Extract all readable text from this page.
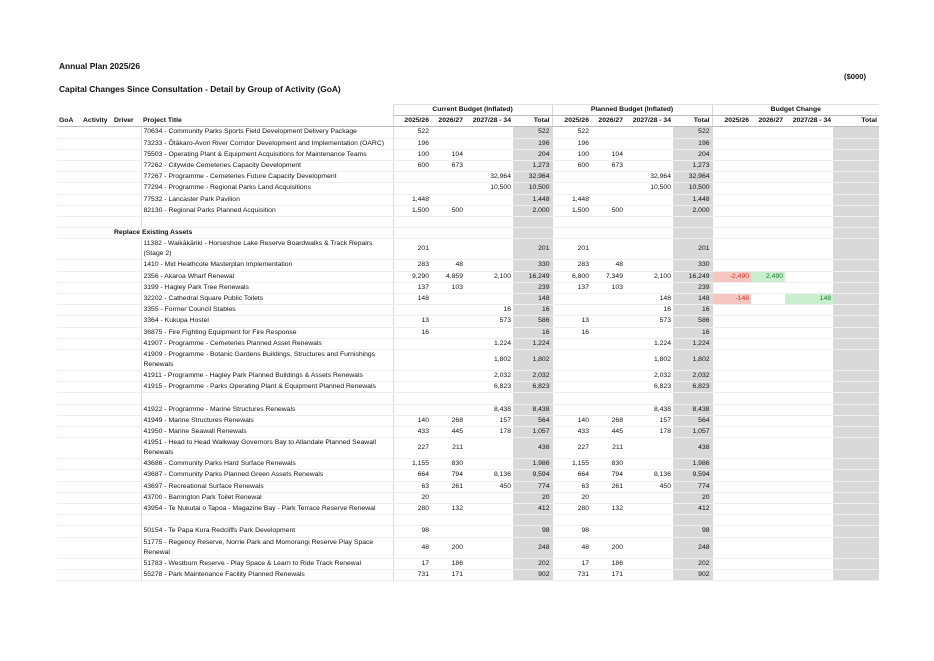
Annual Plan 2025/26
($000)
Capital Changes Since Consultation - Detail by Group of Activity (GoA)
				Current Budget (Inflated)				Planned Budget (Inflated)				Budget Change			
GoA	Activity	Driver	Project Title	2025/26	2026/27	2027/28 - 34	Total	2025/26	2026/27	2027/28 - 34	Total	2025/26	2026/27	2027/28 - 34	Total
			70634 - Community Parks Sports Field Development Delivery Package	522			522	522			522				
			73233 - Ōtākaro-Avon River Corridor Development and Implementation (OARC)	196			196	196			196				
			75503 - Operating Plant & Equipment Acquisitions for Maintenance Teams	100	104		204	100	104		204				
			77262 - Citywide Cemeteries Capacity Development	600	673		1,273	600	673		1,273				
			77267 - Programme - Cemeteries Future Capacity Development			32,964	32,964			32,964	32,964				
			77294 - Programme - Regional Parks Land Acquisitions			10,500	10,500			10,500	10,500				
			77532 - Lancaster Park Pavilion	1,448			1,448	1,448			1,448				
			82130 - Regional Parks Planned Acquisition	1,500	500		2,000	1,500	500		2,000				

		Replace Existing Assets													
			11382 - Waikākāriki - Horseshoe Lake Reserve Boardwalks & Track Repairs (Stage 2)	201			201	201			201				
			1410 - Mid Heathcote Masterplan Implementation	283	48		330	283	48		330				
			2356 - Akaroa Wharf Renewal	9,290	4,859	2,100	16,249	6,800	7,349	2,100	16,249	-2,490	2,490		
			3199 - Hagley Park Tree Renewals	137	103		239	137	103		239				
			32202 - Cathedral Square Public Toilets	148			148			148	148	-148		148	
			3355 - Former Council Stables			16	16			16	16				
			3364 - Kukupa Hostel	13		573	586	13		573	586				
			36875 - Fire Fighting Equipment for Fire Response	16			16	16			16				
			41907 - Programme - Cemeteries Planned Asset Renewals			1,224	1,224			1,224	1,224				
			41909 - Programme - Botanic Gardens Buildings, Structures and Furnishings Renewals			1,802	1,802			1,802	1,802				
			41911 - Programme - Hagley Park Planned Buildings & Assets Renewals			2,032	2,032			2,032	2,032				
			41915 - Programme - Parks Operating Plant & Equipment Planned Renewals			6,823	6,823			6,823	6,823				

			41922 - Programme - Marine Structures Renewals			8,438	8,438			8,438	8,438				
			41949 - Marine Structures Renewals	140	268	157	564	140	268	157	564				
			41950 - Marine Seawall Renewals	433	445	178	1,057	433	445	178	1,057				
			41951 - Head to Head Walkway Governors Bay to Allandale Planned Seawall Renewals	227	211		438	227	211		438				
			43686 - Community Parks Hard Surface Renewals	1,155	830		1,986	1,155	830		1,986				
			43687 - Community Parks Planned Green Assets Renewals	664	794	8,136	9,594	664	794	8,136	9,594				
			43697 - Recreational Surface Renewals	63	261	450	774	63	261	450	774				
			43700 - Barrington Park Toilet Renewal	20			20	20			20				
			43954 - Te Nukutai o Tapoa - Magazine Bay - Park Terrace Reserve Renewal	280	132		412	280	132		412				

			50154 - Te Papa Kura Redcliffs Park Development	98			98	98			98				
			51775 - Regency Reserve, Norrie Park and Momorangi Reserve Play Space Renewal	48	200		248	48	200		248				
			51783 - Westburn Reserve - Play Space & Learn to Ride Track Renewal	17	186		202	17	186		202				
			55278 - Park Maintenance Facility Planned Renewals	731	171		902	731	171		902				
